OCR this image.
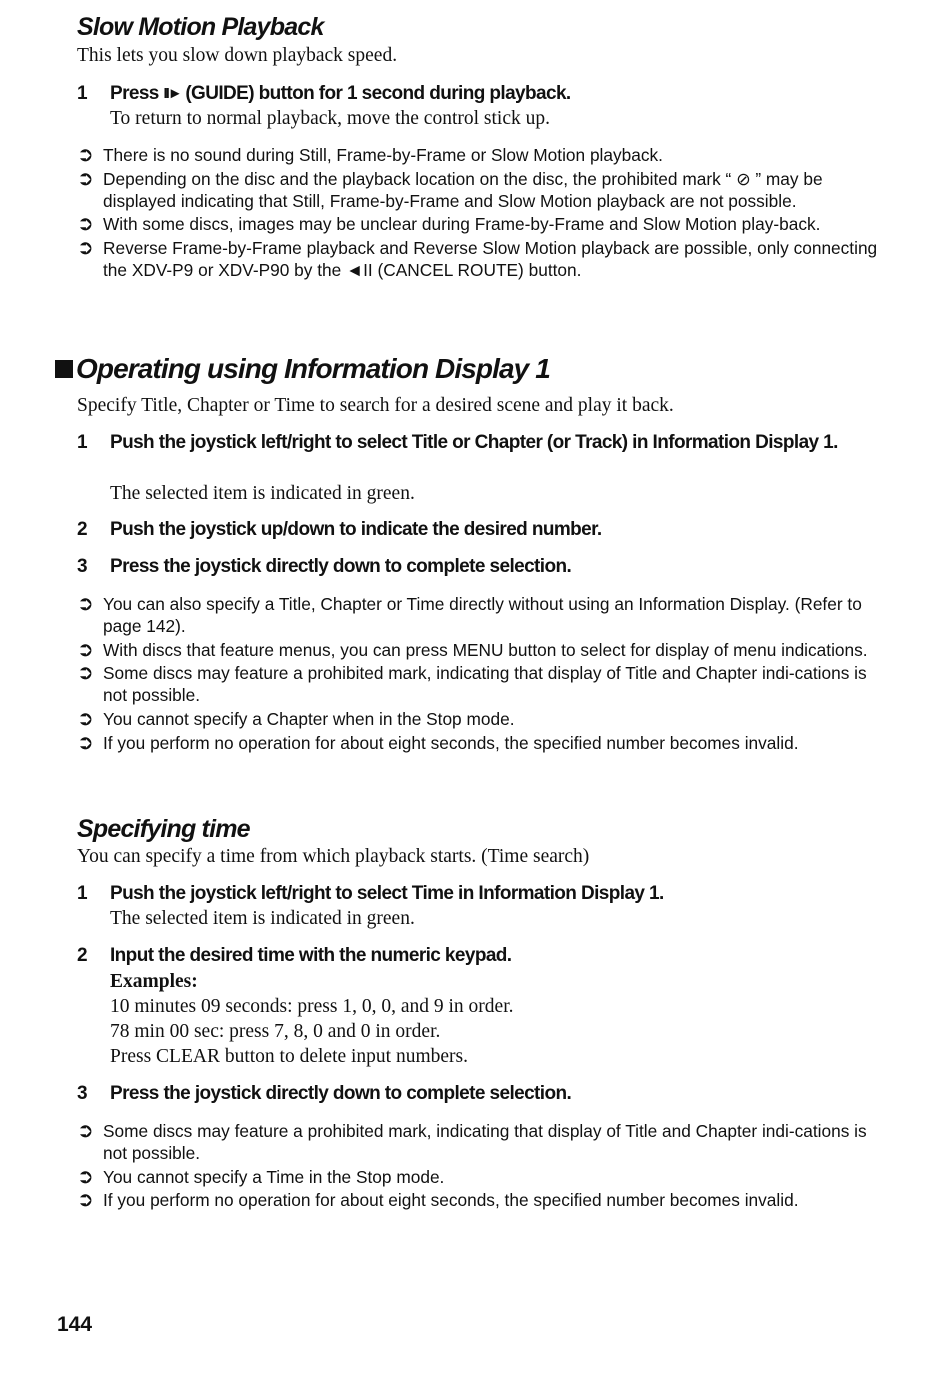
Slow Motion Playback

This lets you slow down playback speed.

1	Press II► (GUIDE) button for 1 second during playback.

To return to normal playback, move the control stick up.

➲ There is no sound during Still, Frame-by-Frame or Slow Motion playback.
➲ Depending on the disc and the playback location on the disc, the prohibited mark “ ⊘ ” may be displayed indicating that Still, Frame-by-Frame and Slow Motion playback are not possible.
➲ With some discs, images may be unclear during Frame-by-Frame and Slow Motion play-back.
➲ Reverse Frame-by-Frame playback and Reverse Slow Motion playback are possible, only connecting the XDV-P9 or XDV-P90 by the ◄II (CANCEL ROUTE) button.
Operating using Information Display 1

Specify Title, Chapter or Time to search for a desired scene and play it back.

1	Push the joystick left/right to select Title or Chapter (or Track) in Information Display 1.

The selected item is indicated in green.

2	Push the joystick up/down to indicate the desired number.
3	Press the joystick directly down to complete selection.
➲ You can also specify a Title, Chapter or Time directly without using an Information Display. (Refer to page 142).
➲ With discs that feature menus, you can press MENU button to select for display of menu indications.
➲ Some discs may feature a prohibited mark, indicating that display of Title and Chapter indi-cations is not possible.
➲ You cannot specify a Chapter when in the Stop mode.
➲ If you perform no operation for about eight seconds, the specified number becomes invalid.
Specifying time

You can specify a time from which playback starts. (Time search)

1	Push the joystick left/right to select Time in Information Display 1.

The selected item is indicated in green.

2	Input the desired time with the numeric keypad.

Examples:

10 minutes 09 seconds: press 1, 0, 0, and 9 in order.

78 min 00 sec: press 7, 8, 0 and 0 in order.

Press CLEAR button to delete input numbers.

3	Press the joystick directly down to complete selection.
➲ Some discs may feature a prohibited mark, indicating that display of Title and Chapter indi-cations is not possible.
➲ You cannot specify a Time in the Stop mode.
➲ If you perform no operation for about eight seconds, the specified number becomes invalid.

144
